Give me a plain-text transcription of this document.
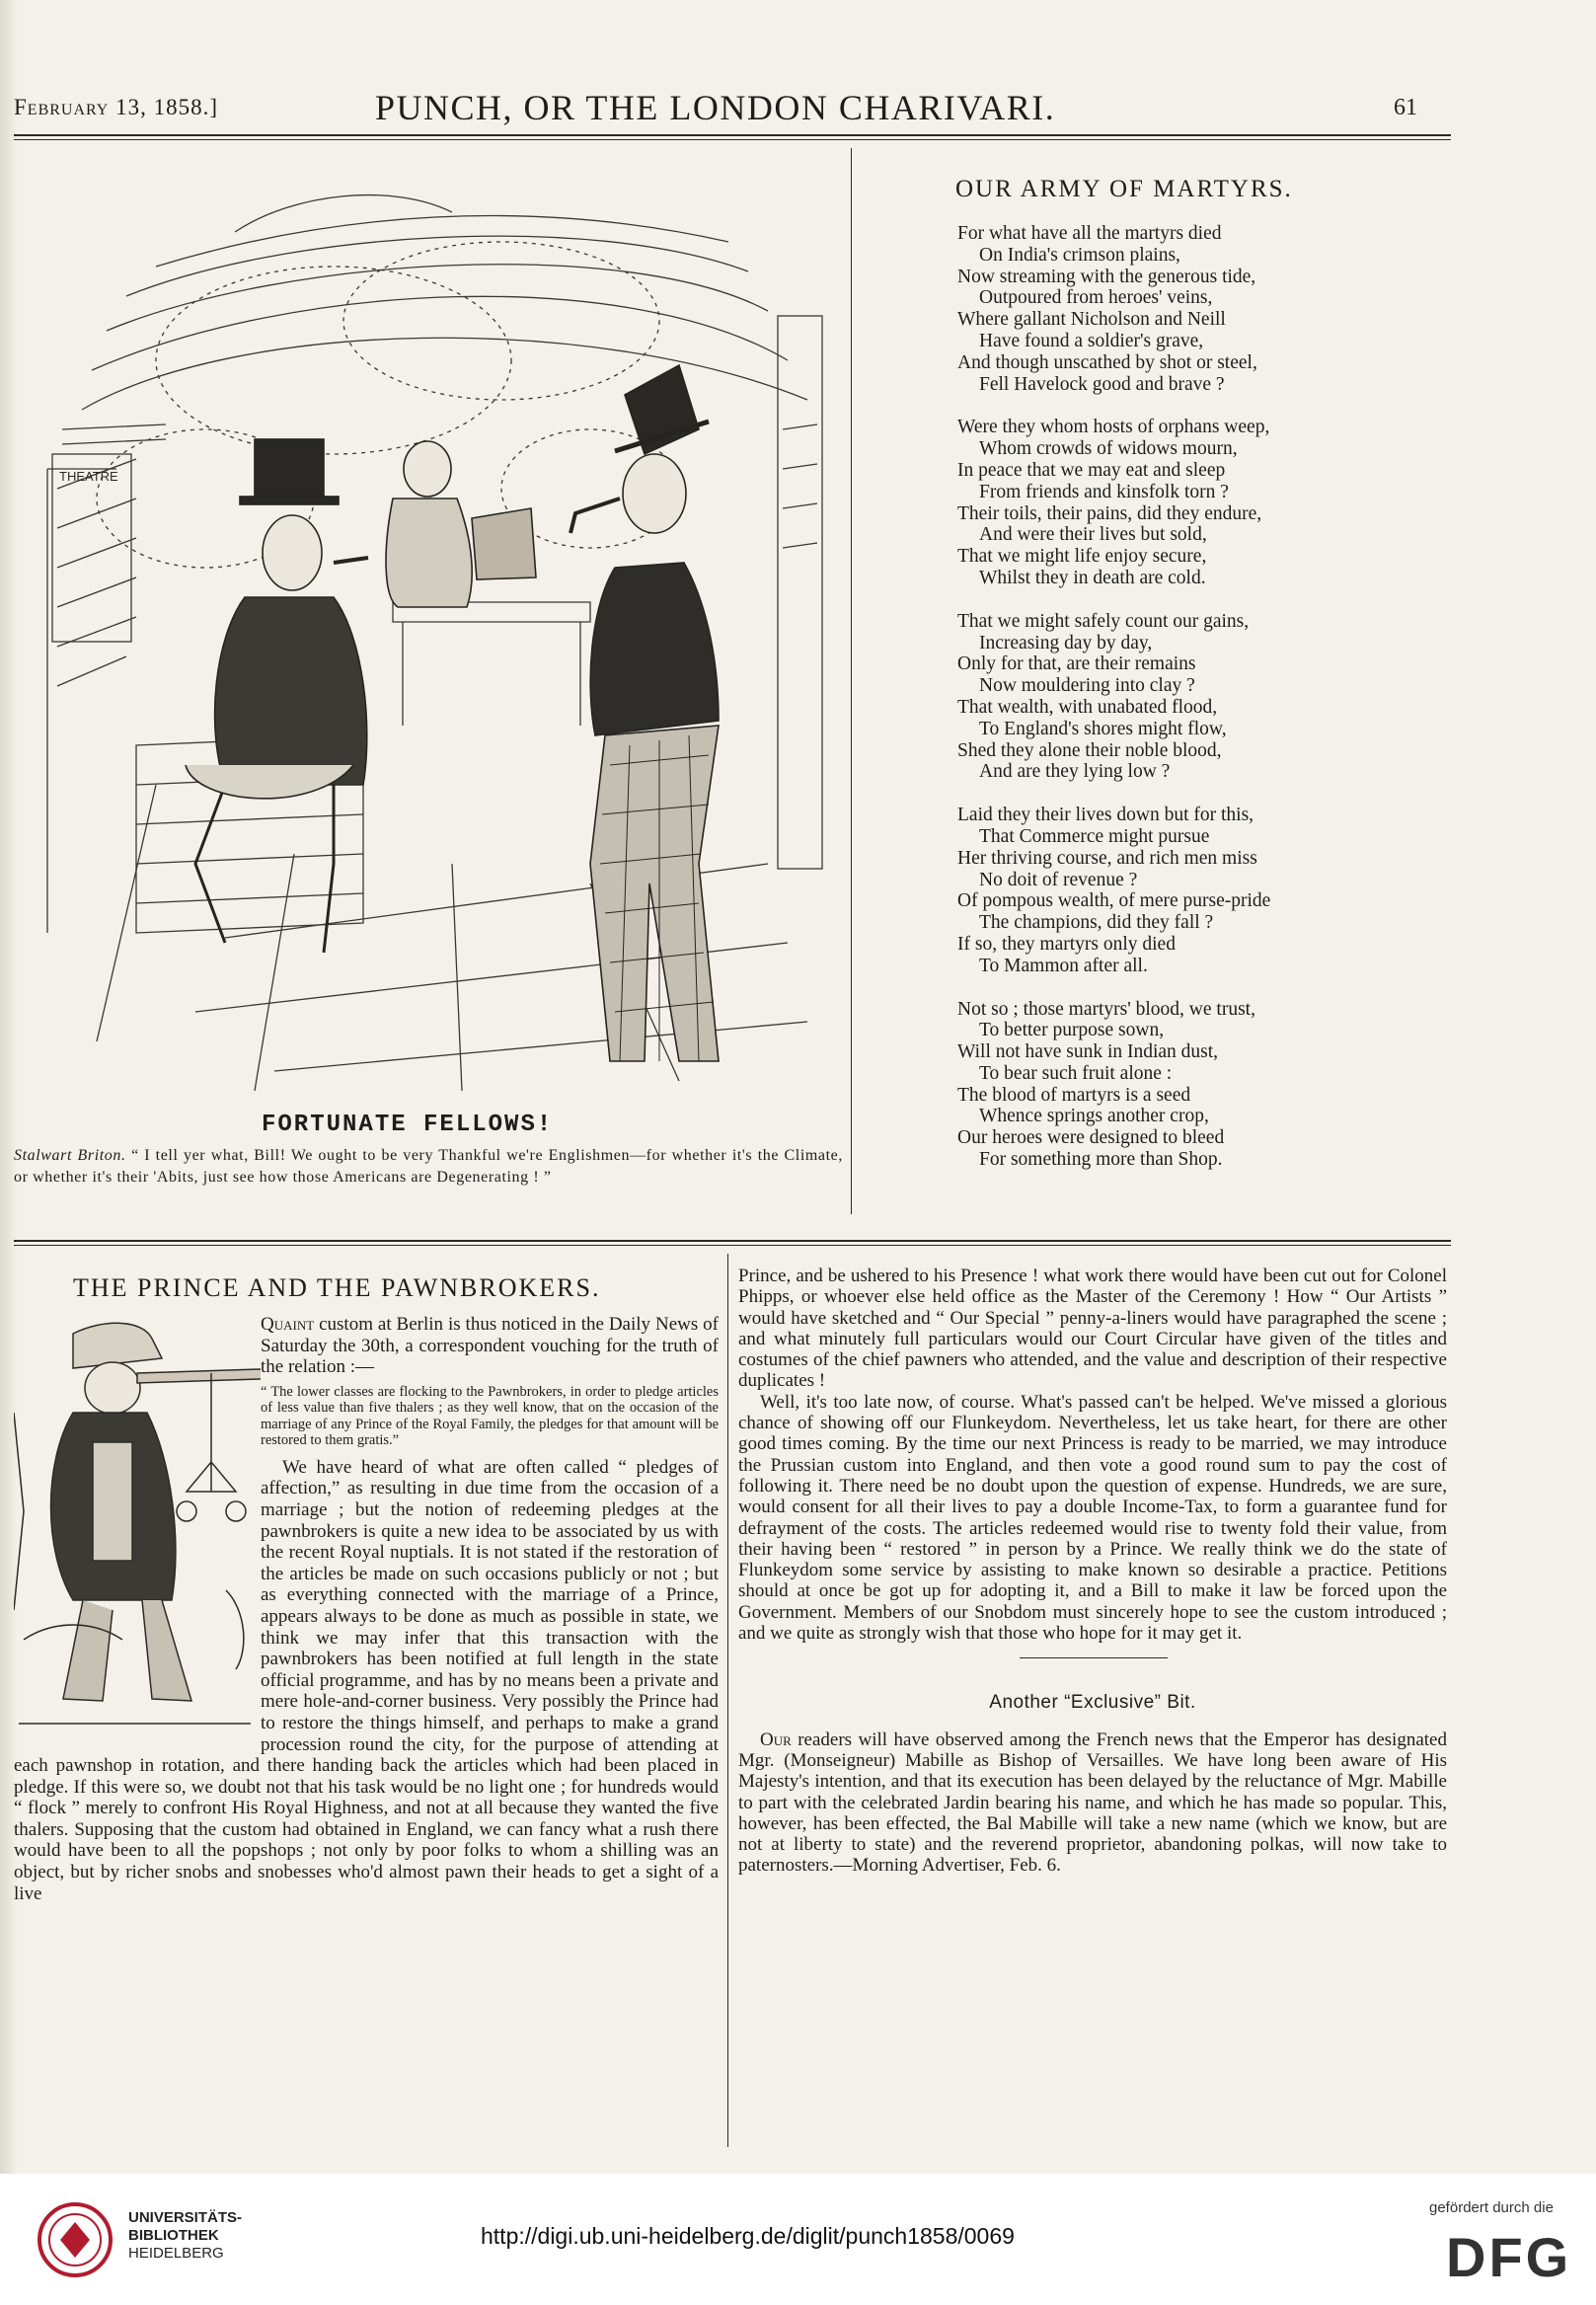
February 13, 1858.]	PUNCH, OR THE LONDON CHARIVARI.	61
THEATRE
FORTUNATE FELLOWS!
Stalwart Briton. “ I tell yer what, Bill! We ought to be very Thankful we're Englishmen—for whether it's the Climate, or whether it's their 'Abits, just see how those Americans are Degenerating ! ”
OUR ARMY OF MARTYRS.
For what have all the martyrs died
On India's crimson plains,
Now streaming with the generous tide,
Outpoured from heroes' veins,
Where gallant Nicholson and Neill
Have found a soldier's grave,
And though unscathed by shot or steel,
Fell Havelock good and brave ?
Were they whom hosts of orphans weep,
Whom crowds of widows mourn,
In peace that we may eat and sleep
From friends and kinsfolk torn ?
Their toils, their pains, did they endure,
And were their lives but sold,
That we might life enjoy secure,
Whilst they in death are cold.
That we might safely count our gains,
Increasing day by day,
Only for that, are their remains
Now mouldering into clay ?
That wealth, with unabated flood,
To England's shores might flow,
Shed they alone their noble blood,
And are they lying low ?
Laid they their lives down but for this,
That Commerce might pursue
Her thriving course, and rich men miss
No doit of revenue ?
Of pompous wealth, of mere purse-pride
The champions, did they fall ?
If so, they martyrs only died
To Mammon after all.
Not so ; those martyrs' blood, we trust,
To better purpose sown,
Will not have sunk in Indian dust,
To bear such fruit alone :
The blood of martyrs is a seed
Whence springs another crop,
Our heroes were designed to bleed
For something more than Shop.
THE PRINCE AND THE PAWNBROKERS.

Quaint custom at Berlin is thus noticed in the Daily News of Saturday the 30th, a correspondent vouching for the truth of the relation :—

“ The lower classes are flocking to the Pawnbrokers, in order to pledge articles of less value than five thalers ; as they well know, that on the occasion of the marriage of any Prince of the Royal Family, the pledges for that amount will be restored to them gratis.”

We have heard of what are often called “ pledges of affection,” as resulting in due time from the occasion of a marriage ; but the notion of redeeming pledges at the pawnbrokers is quite a new idea to be associated by us with the recent Royal nuptials. It is not stated if the restoration of the articles be made on such occasions publicly or not ; but as everything connected with the marriage of a Prince, appears always to be done as much as possible in state, we think we may infer that this transaction with the pawnbrokers has been notified at full length in the state official programme, and has by no means been a private and mere hole-and-corner business. Very possibly the Prince had to restore the things himself, and perhaps to make a grand procession round the city, for the purpose of attending at each pawnshop in rotation, and there handing back the articles which had been placed in pledge. If this were so, we doubt not that his task would be no light one ; for hundreds would “ flock ” merely to confront His Royal Highness, and not at all because they wanted the five thalers. Supposing that the custom had obtained in England, we can fancy what a rush there would have been to all the popshops ; not only by poor folks to whom a shilling was an object, but by richer snobs and snobesses who'd almost pawn their heads to get a sight of a live

Prince, and be ushered to his Presence ! what work there would have been cut out for Colonel Phipps, or whoever else held office as the Master of the Ceremony ! How “ Our Artists ” would have sketched and “ Our Special ” penny-a-liners would have paragraphed the scene ; and what minutely full particulars would our Court Circular have given of the titles and costumes of the chief pawners who attended, and the value and description of their respective duplicates !

Well, it's too late now, of course. What's passed can't be helped. We've missed a glorious chance of showing off our Flunkeydom. Nevertheless, let us take heart, for there are other good times coming. By the time our next Princess is ready to be married, we may introduce the Prussian custom into England, and then vote a good round sum to pay the cost of following it. There need be no doubt upon the question of expense. Hundreds, we are sure, would consent for all their lives to pay a double Income-Tax, to form a guarantee fund for defrayment of the costs. The articles redeemed would rise to twenty fold their value, from their having been “ restored ” in person by a Prince. We really think we do the state of Flunkeydom some service by assisting to make known so desirable a practice. Petitions should at once be got up for adopting it, and a Bill to make it law be forced upon the Government. Members of our Snobdom must sincerely hope to see the custom introduced ; and we quite as strongly wish that those who hope for it may get it.

Another “Exclusive” Bit.

Our readers will have observed among the French news that the Emperor has designated Mgr. (Monseigneur) Mabille as Bishop of Versailles. We have long been aware of His Majesty's intention, and that its execution has been delayed by the reluctance of Mgr. Mabille to part with the celebrated Jardin bearing his name, and which he has made so popular. This, however, has been effected, the Bal Mabille will take a new name (which we know, but are not at liberty to state) and the reverend proprietor, abandoning polkas, will now take to paternosters.—Morning Advertiser, Feb. 6.

UNIVERSITÄTS-
BIBLIOTHEK
HEIDELBERG
http://digi.ub.uni-heidelberg.de/diglit/punch1858/0069
gefördert durch die
DFG
